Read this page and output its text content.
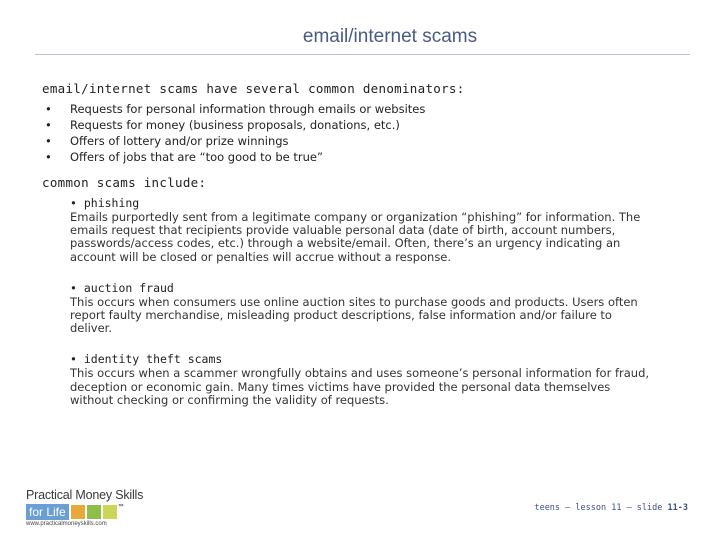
email/internet scams
email/internet scams have several common denominators:
• Requests for personal information through emails or websites
• Requests for money (business proposals, donations, etc.)
• Offers of lottery and/or prize winnings
• Offers of jobs that are “too good to be true”
common scams include:
• phishing
Emails purportedly sent from a legitimate company or organization “phishing” for information. The emails request that recipients provide valuable personal data (date of birth, account numbers, passwords/access codes, etc.) through a website/email. Often, there’s an urgency indicating an account will be closed or penalties will accrue without a response.
• auction fraud
This occurs when consumers use online auction sites to purchase goods and products. Users often report faulty merchandise, misleading product descriptions, false information and/or failure to deliver.
• identity theft scams
This occurs when a scammer wrongfully obtains and uses someone’s personal information for fraud, deception or economic gain. Many times victims have provided the personal data themselves without checking or confirming the validity of requests.
Practical Money Skills
for Life	™
www.practicalmoneyskills.com
teens – lesson 11 – slide 11-3
